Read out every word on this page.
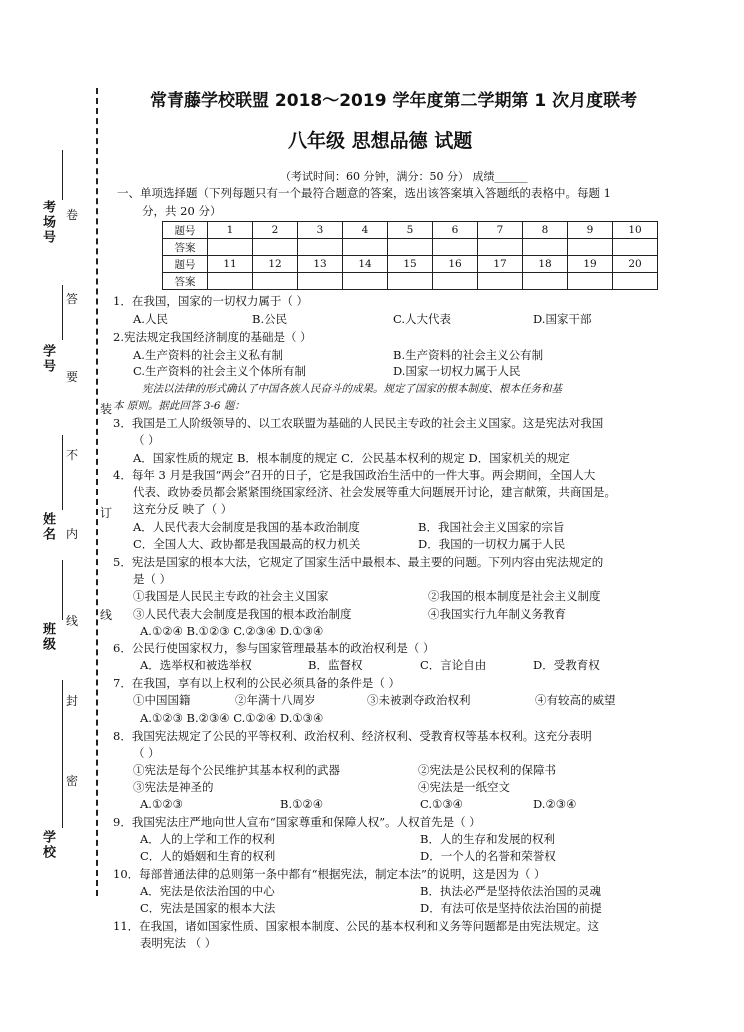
考场号
学号
姓名
班级
学校
卷
答
要
不
内
线
封
密
装
订
线
常青藤学校联盟 2018～2019 学年度第二学期第 1 次月度联考
八年级 思想品德 试题
（考试时间：60 分钟，满分：50 分） 成绩______
一、单项选择题（下列每题只有一个最符合题意的答案，选出该答案填入答题纸的表格中。每题 1
分，共 20 分）
题号	1	2	3	4	5	6	7	8	9	10
答案										
题号	11	12	13	14	15	16	17	18	19	20
答案										
1．在我国，国家的一切权力属于（ ）
A.人民	B.公民	C.人大代表	D.国家干部
2.宪法规定我国经济制度的基础是（ ）
A.生产资料的社会主义私有制	B.生产资料的社会主义公有制
C.生产资料的社会主义个体所有制	D.国家一切权力属于人民
宪法以法律的形式确认了中国各族人民奋斗的成果。规定了国家的根本制度、根本任务和基
本 原则。据此回答 3-6 题：
3．我国是工人阶级领导的、以工农联盟为基础的人民民主专政的社会主义国家。这是宪法对我国
（ ）
A．国家性质的规定 B．根本制度的规定 C．公民基本权利的规定 D．国家机关的规定
4．每年 3 月是我国“两会”召开的日子，它是我国政治生活中的一件大事。两会期间，全国人大
代表、政协委员都会紧紧围绕国家经济、社会发展等重大问题展开讨论，建言献策，共商国是。
这充分反 映了（ ）
A．人民代表大会制度是我国的基本政治制度	B．我国社会主义国家的宗旨
C．全国人大、政协都是我国最高的权力机关	D．我国的一切权力属于人民
5．宪法是国家的根本大法，它规定了国家生活中最根本、最主要的问题。下列内容由宪法规定的
是（ ）
①我国是人民民主专政的社会主义国家	②我国的根本制度是社会主义制度
③人民代表大会制度是我国的根本政治制度	④我国实行九年制义务教育
A.①②④ B.①②③ C.②③④ D.①③④
6．公民行使国家权力，参与国家管理最基本的政治权利是（ ）
A．选举权和被选举权	B．监督权	C．言论自由	D．受教育权
7．在我国，享有以上权利的公民必须具备的条件是（ ）
①中国国籍	②年满十八周岁	③未被剥夺政治权利	④有较高的威望
A.①②③ B.②③④ C.①②④ D.①③④
8．我国宪法规定了公民的平等权利、政治权利、经济权利、受教育权等基本权利。这充分表明
（ ）
①宪法是每个公民维护其基本权利的武器	②宪法是公民权利的保障书
③宪法是神圣的	④宪法是一纸空文
A.①②③	B.①②④	C.①③④	D.②③④
9．我国宪法庄严地向世人宣布“国家尊重和保障人权”。人权首先是（ ）
A．人的上学和工作的权利	B．人的生存和发展的权利
C．人的婚姻和生育的权利	D．一个人的名誉和荣誉权
10．每部普通法律的总则第一条中都有“根据宪法，制定本法”的说明，这是因为（ ）
A．宪法是依法治国的中心	B．执法必严是坚持依法治国的灵魂
C．宪法是国家的根本大法	D．有法可依是坚持依法治国的前提
11．在我国，诸如国家性质、国家根本制度、公民的基本权利和义务等问题都是由宪法规定。这
表明宪法 （ ）
